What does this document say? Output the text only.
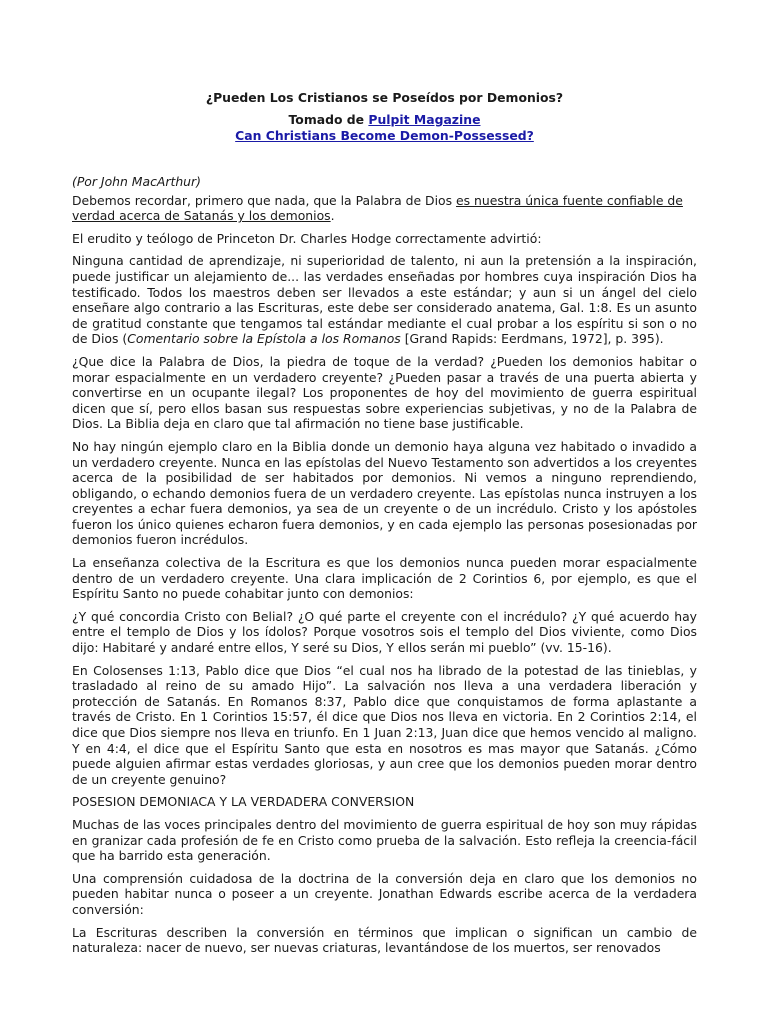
¿Pueden Los Cristianos se Poseídos por Demonios?
Tomado de Pulpit Magazine
Can Christians Become Demon-Possessed?

(Por John MacArthur)

Debemos recordar, primero que nada, que la Palabra de Dios es nuestra única fuente confiable de verdad acerca de Satanás y los demonios.

El erudito y teólogo de Princeton Dr. Charles Hodge correctamente advirtió:

Ninguna cantidad de aprendizaje, ni superioridad de talento, ni aun la pretensión a la inspiración, puede justificar un alejamiento de... las verdades enseñadas por hombres cuya inspiración Dios ha testificado. Todos los maestros deben ser llevados a este estándar; y aun si un ángel del cielo enseñare algo contrario a las Escrituras, este debe ser considerado anatema, Gal. 1:8. Es un asunto de gratitud constante que tengamos tal estándar mediante el cual probar a los espíritu si son o no de Dios (Comentario sobre la Epístola a los Romanos [Grand Rapids: Eerdmans, 1972], p. 395).

¿Que dice la Palabra de Dios, la piedra de toque de la verdad? ¿Pueden los demonios habitar o morar espacialmente en un verdadero creyente? ¿Pueden pasar a través de una puerta abierta y convertirse en un ocupante ilegal? Los proponentes de hoy del movimiento de guerra espiritual dicen que sí, pero ellos basan sus respuestas sobre experiencias subjetivas, y no de la Palabra de Dios. La Biblia deja en claro que tal afirmación no tiene base justificable.

No hay ningún ejemplo claro en la Biblia donde un demonio haya alguna vez habitado o invadido a un verdadero creyente. Nunca en las epístolas del Nuevo Testamento son advertidos a los creyentes acerca de la posibilidad de ser habitados por demonios. Ni vemos a ninguno reprendiendo, obligando, o echando demonios fuera de un verdadero creyente. Las epístolas nunca instruyen a los creyentes a echar fuera demonios, ya sea de un creyente o de un incrédulo. Cristo y los apóstoles fueron los único quienes echaron fuera demonios, y en cada ejemplo las personas posesionadas por demonios fueron incrédulos.

La enseñanza colectiva de la Escritura es que los demonios nunca pueden morar espacialmente dentro de un verdadero creyente. Una clara implicación de 2 Corintios 6, por ejemplo, es que el Espíritu Santo no puede cohabitar junto con demonios:

¿Y qué concordia Cristo con Belial? ¿O qué parte el creyente con el incrédulo? ¿Y qué acuerdo hay entre el templo de Dios y los ídolos? Porque vosotros sois el templo del Dios viviente, como Dios dijo: Habitaré y andaré entre ellos, Y seré su Dios, Y ellos serán mi pueblo” (vv. 15-16).

En Colosenses 1:13, Pablo dice que Dios “el cual nos ha librado de la potestad de las tinieblas, y trasladado al reino de su amado Hijo”. La salvación nos lleva a una verdadera liberación y protección de Satanás. En Romanos 8:37, Pablo dice que conquistamos de forma aplastante a través de Cristo. En 1 Corintios 15:57, él dice que Dios nos lleva en victoria. En 2 Corintios 2:14, el dice que Dios siempre nos lleva en triunfo. En 1 Juan 2:13, Juan dice que hemos vencido al maligno. Y en 4:4, el dice que el Espíritu Santo que esta en nosotros es mas mayor que Satanás. ¿Cómo puede alguien afirmar estas verdades gloriosas, y aun cree que los demonios pueden morar dentro de un creyente genuino?

POSESION DEMONIACA Y LA VERDADERA CONVERSION

Muchas de las voces principales dentro del movimiento de guerra espiritual de hoy son muy rápidas en granizar cada profesión de fe en Cristo como prueba de la salvación. Esto refleja la creencia-fácil que ha barrido esta generación.

Una comprensión cuidadosa de la doctrina de la conversión deja en claro que los demonios no pueden habitar nunca o poseer a un creyente. Jonathan Edwards escribe acerca de la verdadera conversión:

La Escrituras describen la conversión en términos que implican o significan un cambio de naturaleza: nacer de nuevo, ser nuevas criaturas, levantándose de los muertos, ser renovados
